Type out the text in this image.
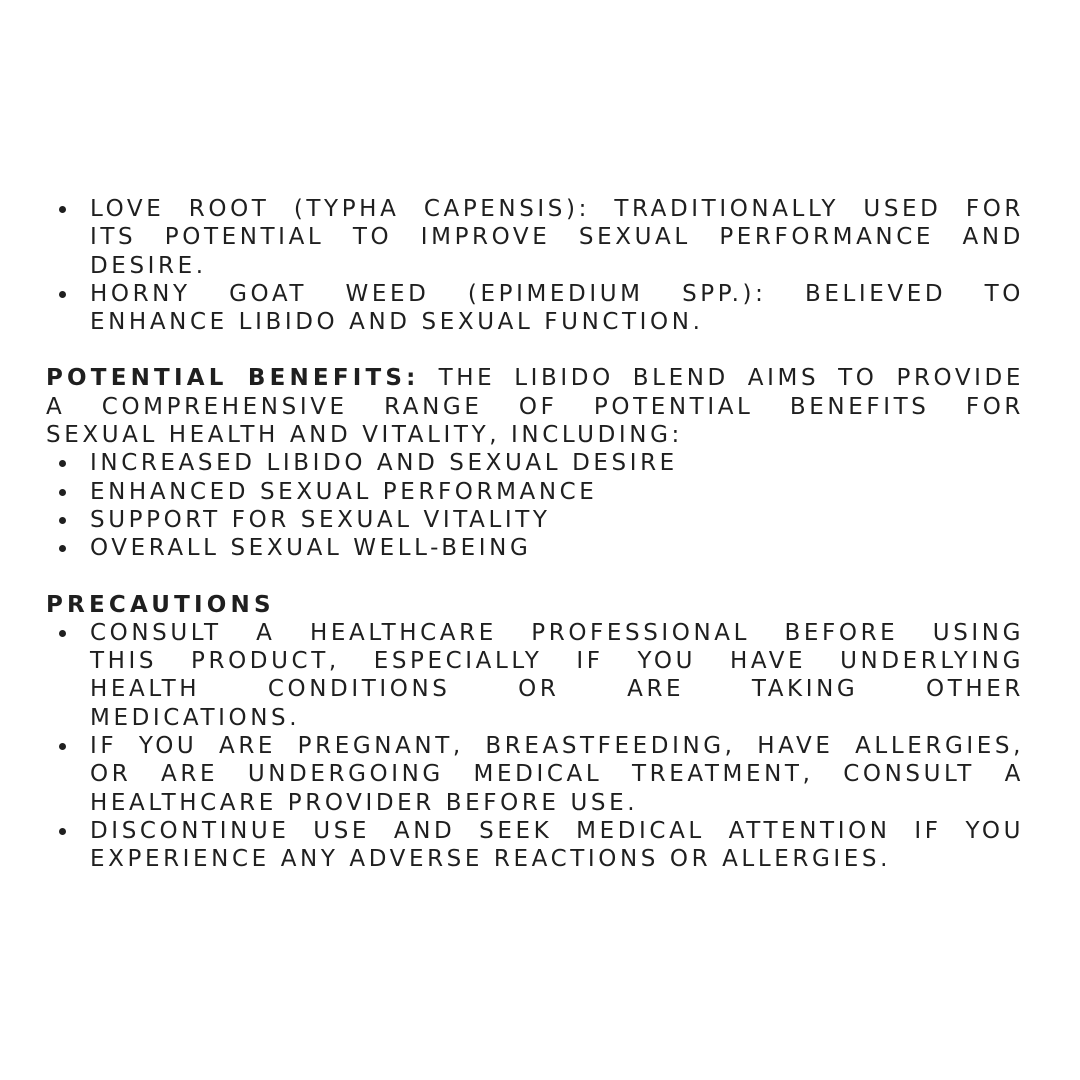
LOVE ROOT (TYPHA CAPENSIS): TRADITIONALLY USED FOR
ITS POTENTIAL TO IMPROVE SEXUAL PERFORMANCE AND
DESIRE.
HORNY GOAT WEED (EPIMEDIUM SPP.): BELIEVED TO
ENHANCE LIBIDO AND SEXUAL FUNCTION.
POTENTIAL BENEFITS: THE LIBIDO BLEND AIMS TO PROVIDE
A COMPREHENSIVE RANGE OF POTENTIAL BENEFITS FOR
SEXUAL HEALTH AND VITALITY, INCLUDING:
INCREASED LIBIDO AND SEXUAL DESIRE
ENHANCED SEXUAL PERFORMANCE
SUPPORT FOR SEXUAL VITALITY
OVERALL SEXUAL WELL-BEING
PRECAUTIONS
CONSULT A HEALTHCARE PROFESSIONAL BEFORE USING
THIS PRODUCT, ESPECIALLY IF YOU HAVE UNDERLYING
HEALTH CONDITIONS OR ARE TAKING OTHER
MEDICATIONS.
IF YOU ARE PREGNANT, BREASTFEEDING, HAVE ALLERGIES,
OR ARE UNDERGOING MEDICAL TREATMENT, CONSULT A
HEALTHCARE PROVIDER BEFORE USE.
DISCONTINUE USE AND SEEK MEDICAL ATTENTION IF YOU
EXPERIENCE ANY ADVERSE REACTIONS OR ALLERGIES.
